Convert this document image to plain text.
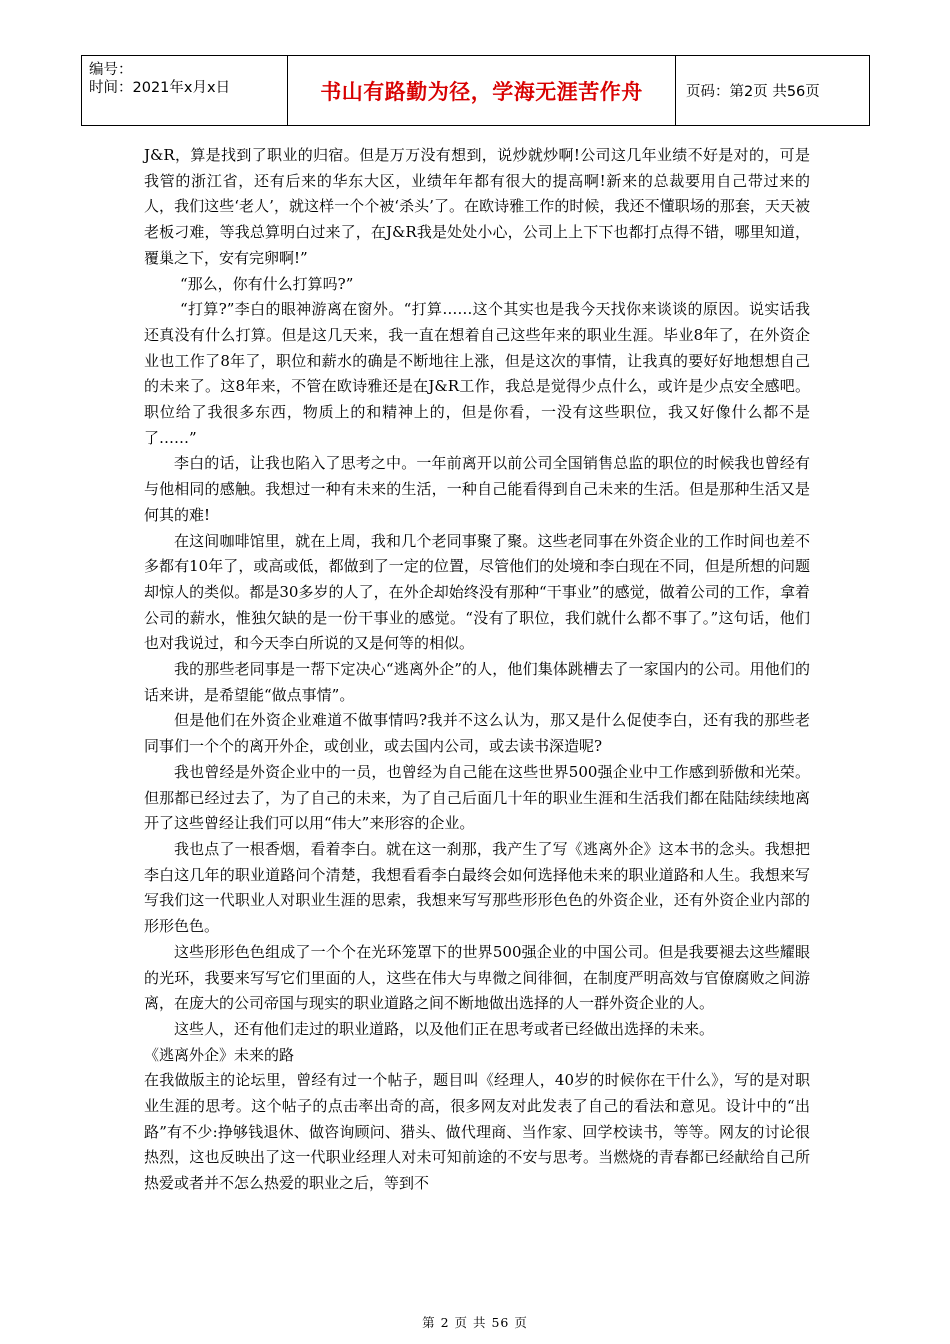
编号：
时间：2021年x月x日	书山有路勤为径，学海无涯苦作舟	页码：第2页 共56页

J&R，算是找到了职业的归宿。但是万万没有想到，说炒就炒啊!公司这几年业绩不好是对的，可是我管的浙江省，还有后来的华东大区，业绩年年都有很大的提高啊!新来的总裁要用自己带过来的人，我们这些‘老人’，就这样一个个被‘杀头’了。在欧诗雅工作的时候，我还不懂职场的那套，天天被老板刁难，等我总算明白过来了，在J&R我是处处小心，公司上上下下也都打点得不错，哪里知道，覆巢之下，安有完卵啊!”

“那么，你有什么打算吗?”

“打算?”李白的眼神游离在窗外。“打算……这个其实也是我今天找你来谈谈的原因。说实话我还真没有什么打算。但是这几天来，我一直在想着自己这些年来的职业生涯。毕业8年了，在外资企业也工作了8年了，职位和薪水的确是不断地往上涨，但是这次的事情，让我真的要好好地想想自己的未来了。这8年来，不管在欧诗雅还是在J&R工作，我总是觉得少点什么，或许是少点安全感吧。职位给了我很多东西，物质上的和精神上的，但是你看，一没有这些职位，我又好像什么都不是了……”

李白的话，让我也陷入了思考之中。一年前离开以前公司全国销售总监的职位的时候我也曾经有与他相同的感触。我想过一种有未来的生活，一种自己能看得到自己未来的生活。但是那种生活又是何其的难!

在这间咖啡馆里，就在上周，我和几个老同事聚了聚。这些老同事在外资企业的工作时间也差不多都有10年了，或高或低，都做到了一定的位置，尽管他们的处境和李白现在不同，但是所想的问题却惊人的类似。都是30多岁的人了，在外企却始终没有那种“干事业”的感觉，做着公司的工作，拿着公司的薪水，惟独欠缺的是一份干事业的感觉。“没有了职位，我们就什么都不事了。”这句话，他们也对我说过，和今天李白所说的又是何等的相似。

我的那些老同事是一帮下定决心“逃离外企”的人，他们集体跳槽去了一家国内的公司。用他们的话来讲，是希望能“做点事情”。

但是他们在外资企业难道不做事情吗?我并不这么认为，那又是什么促使李白，还有我的那些老同事们一个个的离开外企，或创业，或去国内公司，或去读书深造呢?

我也曾经是外资企业中的一员，也曾经为自己能在这些世界500强企业中工作感到骄傲和光荣。但那都已经过去了，为了自己的未来，为了自己后面几十年的职业生涯和生活我们都在陆陆续续地离开了这些曾经让我们可以用“伟大”来形容的企业。

我也点了一根香烟，看着李白。就在这一刹那，我产生了写《逃离外企》这本书的念头。我想把李白这几年的职业道路问个清楚，我想看看李白最终会如何选择他未来的职业道路和人生。我想来写写我们这一代职业人对职业生涯的思索，我想来写写那些形形色色的外资企业，还有外资企业内部的形形色色。

这些形形色色组成了一个个在光环笼罩下的世界500强企业的中国公司。但是我要褪去这些耀眼的光环，我要来写写它们里面的人，这些在伟大与卑微之间徘徊，在制度严明高效与官僚腐败之间游离，在庞大的公司帝国与现实的职业道路之间不断地做出选择的人一群外资企业的人。

这些人，还有他们走过的职业道路，以及他们正在思考或者已经做出选择的未来。

《逃离外企》未来的路

在我做版主的论坛里，曾经有过一个帖子，题目叫《经理人，40岁的时候你在干什么》，写的是对职业生涯的思考。这个帖子的点击率出奇的高，很多网友对此发表了自己的看法和意见。设计中的“出路”有不少:挣够钱退休、做咨询顾问、猎头、做代理商、当作家、回学校读书，等等。网友的讨论很热烈，这也反映出了这一代职业经理人对未可知前途的不安与思考。当燃烧的青春都已经献给自己所热爱或者并不怎么热爱的职业之后，等到不

第 2 页 共 56 页
